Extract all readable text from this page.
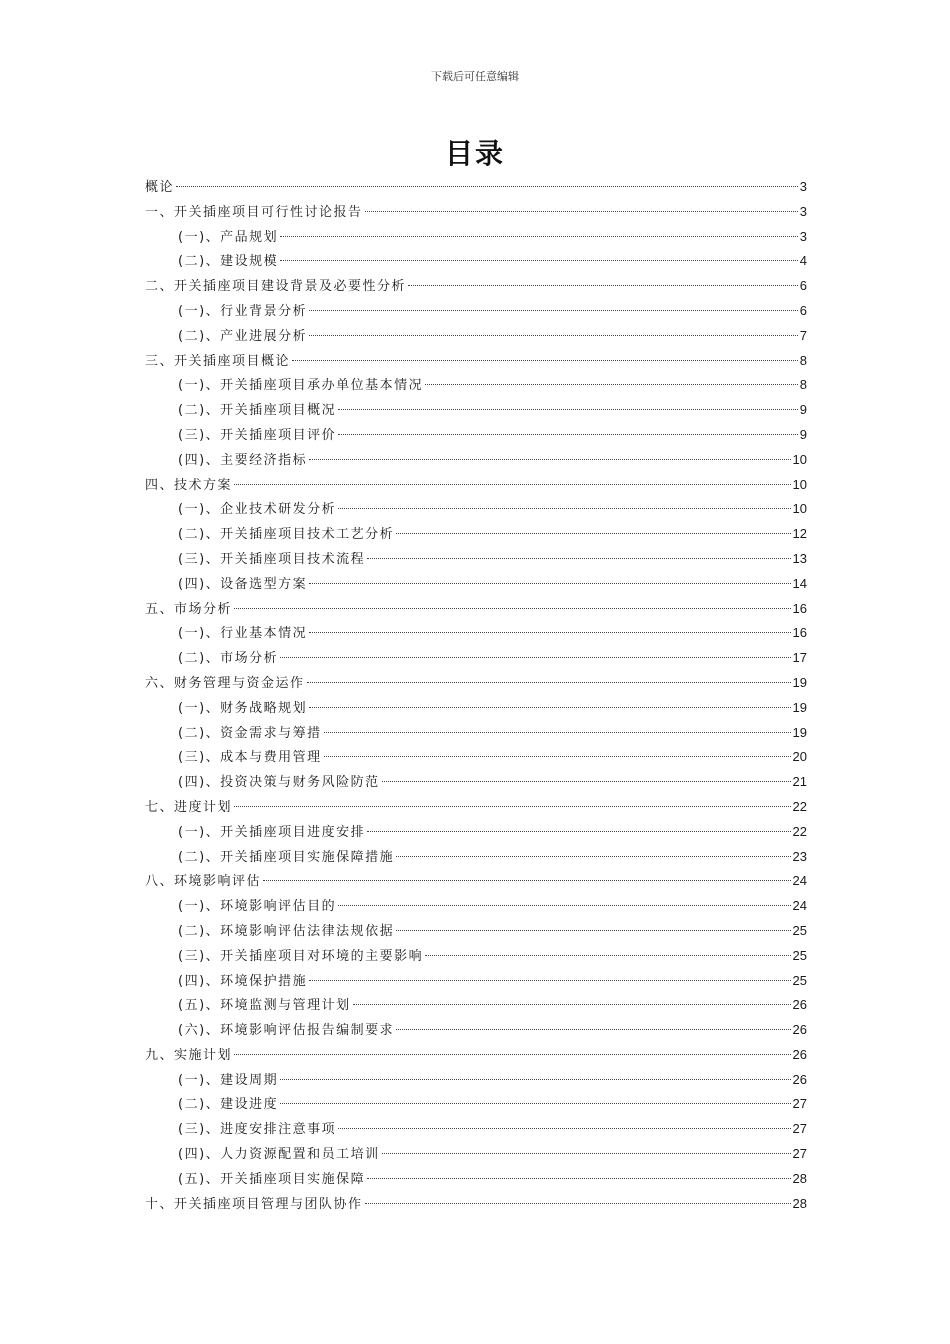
下载后可任意编辑
目录
概论	3
一、开关插座项目可行性讨论报告	3
(一)、产品规划	3
(二)、建设规模	4
二、开关插座项目建设背景及必要性分析	6
(一)、行业背景分析	6
(二)、产业进展分析	7
三、开关插座项目概论	8
(一)、开关插座项目承办单位基本情况	8
(二)、开关插座项目概况	9
(三)、开关插座项目评价	9
(四)、主要经济指标	10
四、技术方案	10
(一)、企业技术研发分析	10
(二)、开关插座项目技术工艺分析	12
(三)、开关插座项目技术流程	13
(四)、设备选型方案	14
五、市场分析	16
(一)、行业基本情况	16
(二)、市场分析	17
六、财务管理与资金运作	19
(一)、财务战略规划	19
(二)、资金需求与筹措	19
(三)、成本与费用管理	20
(四)、投资决策与财务风险防范	21
七、进度计划	22
(一)、开关插座项目进度安排	22
(二)、开关插座项目实施保障措施	23
八、环境影响评估	24
(一)、环境影响评估目的	24
(二)、环境影响评估法律法规依据	25
(三)、开关插座项目对环境的主要影响	25
(四)、环境保护措施	25
(五)、环境监测与管理计划	26
(六)、环境影响评估报告编制要求	26
九、实施计划	26
(一)、建设周期	26
(二)、建设进度	27
(三)、进度安排注意事项	27
(四)、人力资源配置和员工培训	27
(五)、开关插座项目实施保障	28
十、开关插座项目管理与团队协作	28
